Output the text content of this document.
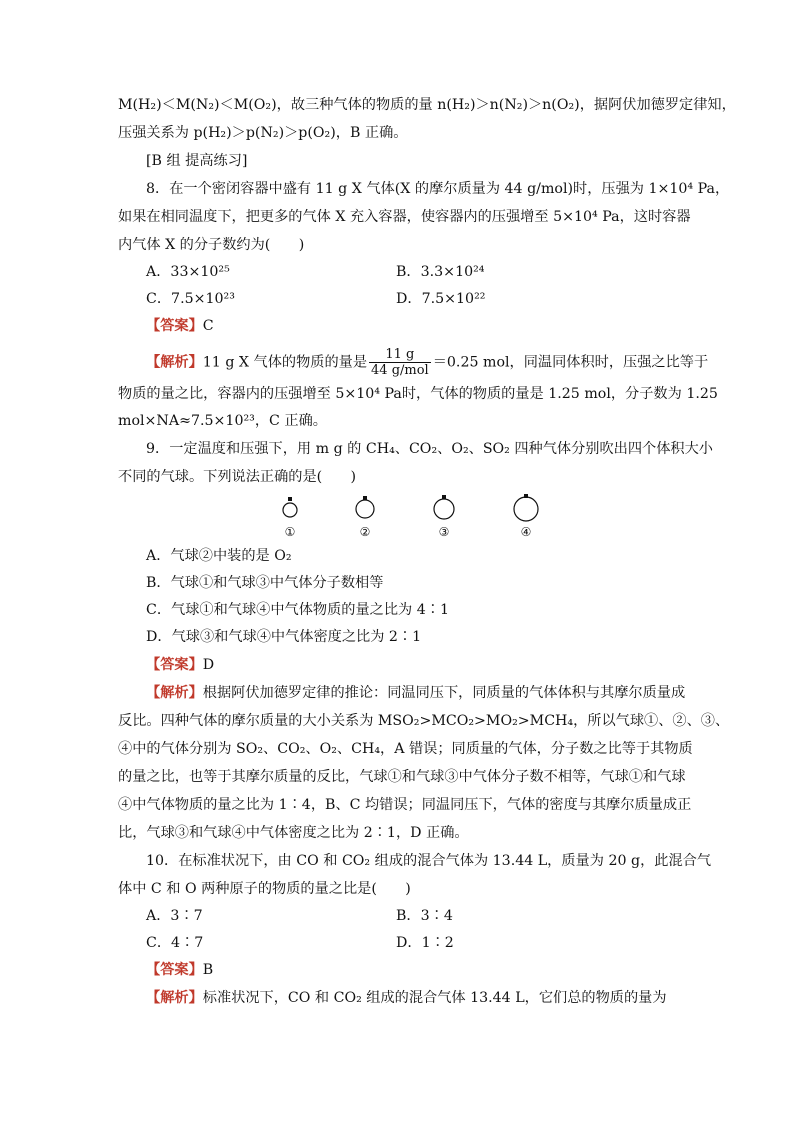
M(H₂)＜M(N₂)＜M(O₂)，故三种气体的物质的量 n(H₂)＞n(N₂)＞n(O₂)，据阿伏加德罗定律知，
压强关系为 p(H₂)＞p(N₂)＞p(O₂)，B 正确。
[B 组 提高练习]
8．在一个密闭容器中盛有 11 g X 气体(X 的摩尔质量为 44 g/mol)时，压强为 1×10⁴ Pa，
如果在相同温度下，把更多的气体 X 充入容器，使容器内的压强增至 5×10⁴ Pa，这时容器
内气体 X 的分子数约为(　　)
A．33×10²⁵	B．3.3×10²⁴
C．7.5×10²³	D．7.5×10²²
【答案】C
【解析】11 g X 气体的物质的量是 $\frac{11 g}{\text{44 g/mol}} =0.25$ mol，同温同体积时，压强之比等于
物质的量之比，容器内的压强增至 5×10⁴ Pa时，气体的物质的量是 1.25 mol，分子数为 1.25
mol×NA≈7.5×10²³，C 正确。
9．一定温度和压强下，用 m g 的 CH₄、CO₂、O₂、SO₂ 四种气体分别吹出四个体积大小
不同的气球。下列说法正确的是(　　)
①	②	③	④
A．气球②中装的是 O₂
B．气球①和气球③中气体分子数相等
C．气球①和气球④中气体物质的量之比为 4∶1
D．气球③和气球④中气体密度之比为 2∶1
【答案】D
【解析】根据阿伏加德罗定律的推论：同温同压下，同质量的气体体积与其摩尔质量成
反比。四种气体的摩尔质量的大小关系为 MSO₂>MCO₂>MO₂>MCH₄，所以气球①、②、③、
④中的气体分别为 SO₂、CO₂、O₂、CH₄，A 错误；同质量的气体，分子数之比等于其物质
的量之比，也等于其摩尔质量的反比，气球①和气球③中气体分子数不相等，气球①和气球
④中气体物质的量之比为 1∶4，B、C 均错误；同温同压下，气体的密度与其摩尔质量成正
比，气球③和气球④中气体密度之比为 2∶1，D 正确。
10．在标准状况下，由 CO 和 CO₂ 组成的混合气体为 13.44 L，质量为 20 g，此混合气
体中 C 和 O 两种原子的物质的量之比是(　　)
A．3∶7	B．3∶4
C．4∶7	D．1∶2
【答案】B
【解析】标准状况下，CO 和 CO₂ 组成的混合气体 13.44 L，它们总的物质的量为
